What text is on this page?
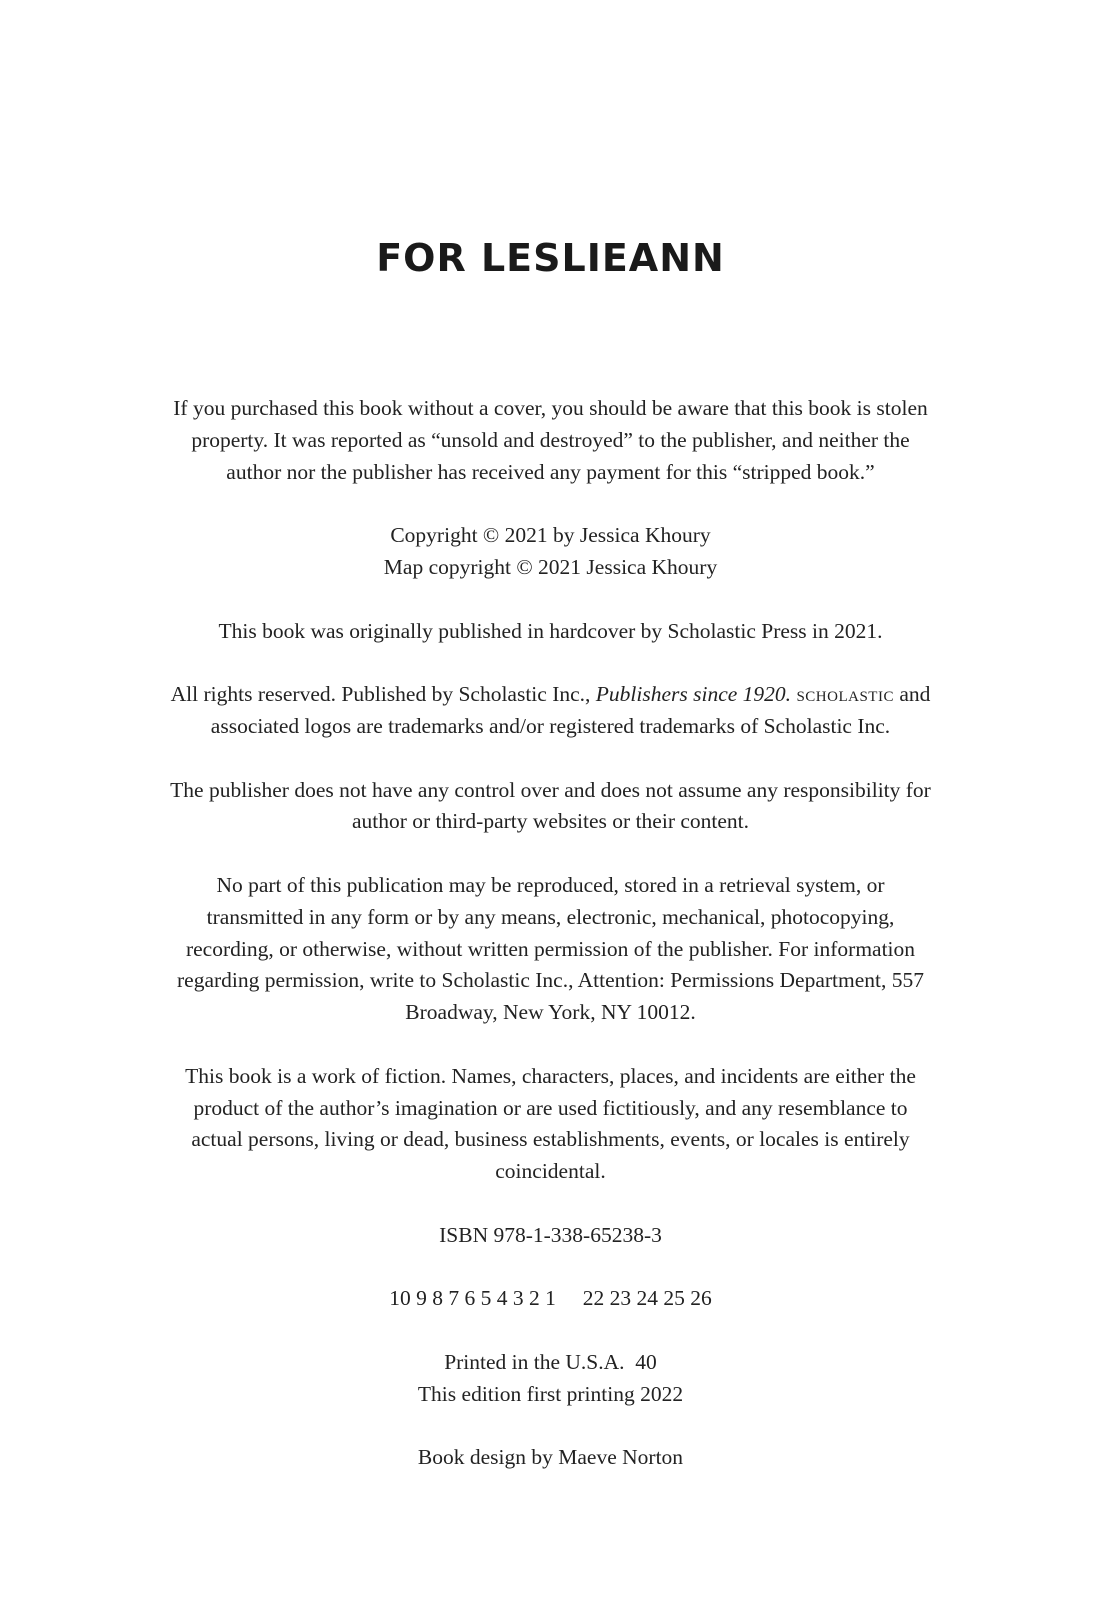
FOR LESLIEANN

If you purchased this book without a cover, you should be aware that this book is stolen
property. It was reported as “unsold and destroyed” to the publisher, and neither the
author nor the publisher has received any payment for this “stripped book.”

Copyright © 2021 by Jessica Khoury
Map copyright © 2021 Jessica Khoury

This book was originally published in hardcover by Scholastic Press in 2021.

All rights reserved. Published by Scholastic Inc., Publishers since 1920. scholastic and
associated logos are trademarks and/or registered trademarks of Scholastic Inc.

The publisher does not have any control over and does not assume any responsibility for
author or third-party websites or their content.

No part of this publication may be reproduced, stored in a retrieval system, or
transmitted in any form or by any means, electronic, mechanical, photocopying,
recording, or otherwise, without written permission of the publisher. For information
regarding permission, write to Scholastic Inc., Attention: Permissions Department, 557
Broadway, New York, NY 10012.

This book is a work of fiction. Names, characters, places, and incidents are either the
product of the author’s imagination or are used fictitiously, and any resemblance to
actual persons, living or dead, business establishments, events, or locales is entirely
coincidental.

ISBN 978-1-338-65238-3

10 9 8 7 6 5 4 3 2 1     22 23 24 25 26

Printed in the U.S.A.  40
This edition first printing 2022

Book design by Maeve Norton
